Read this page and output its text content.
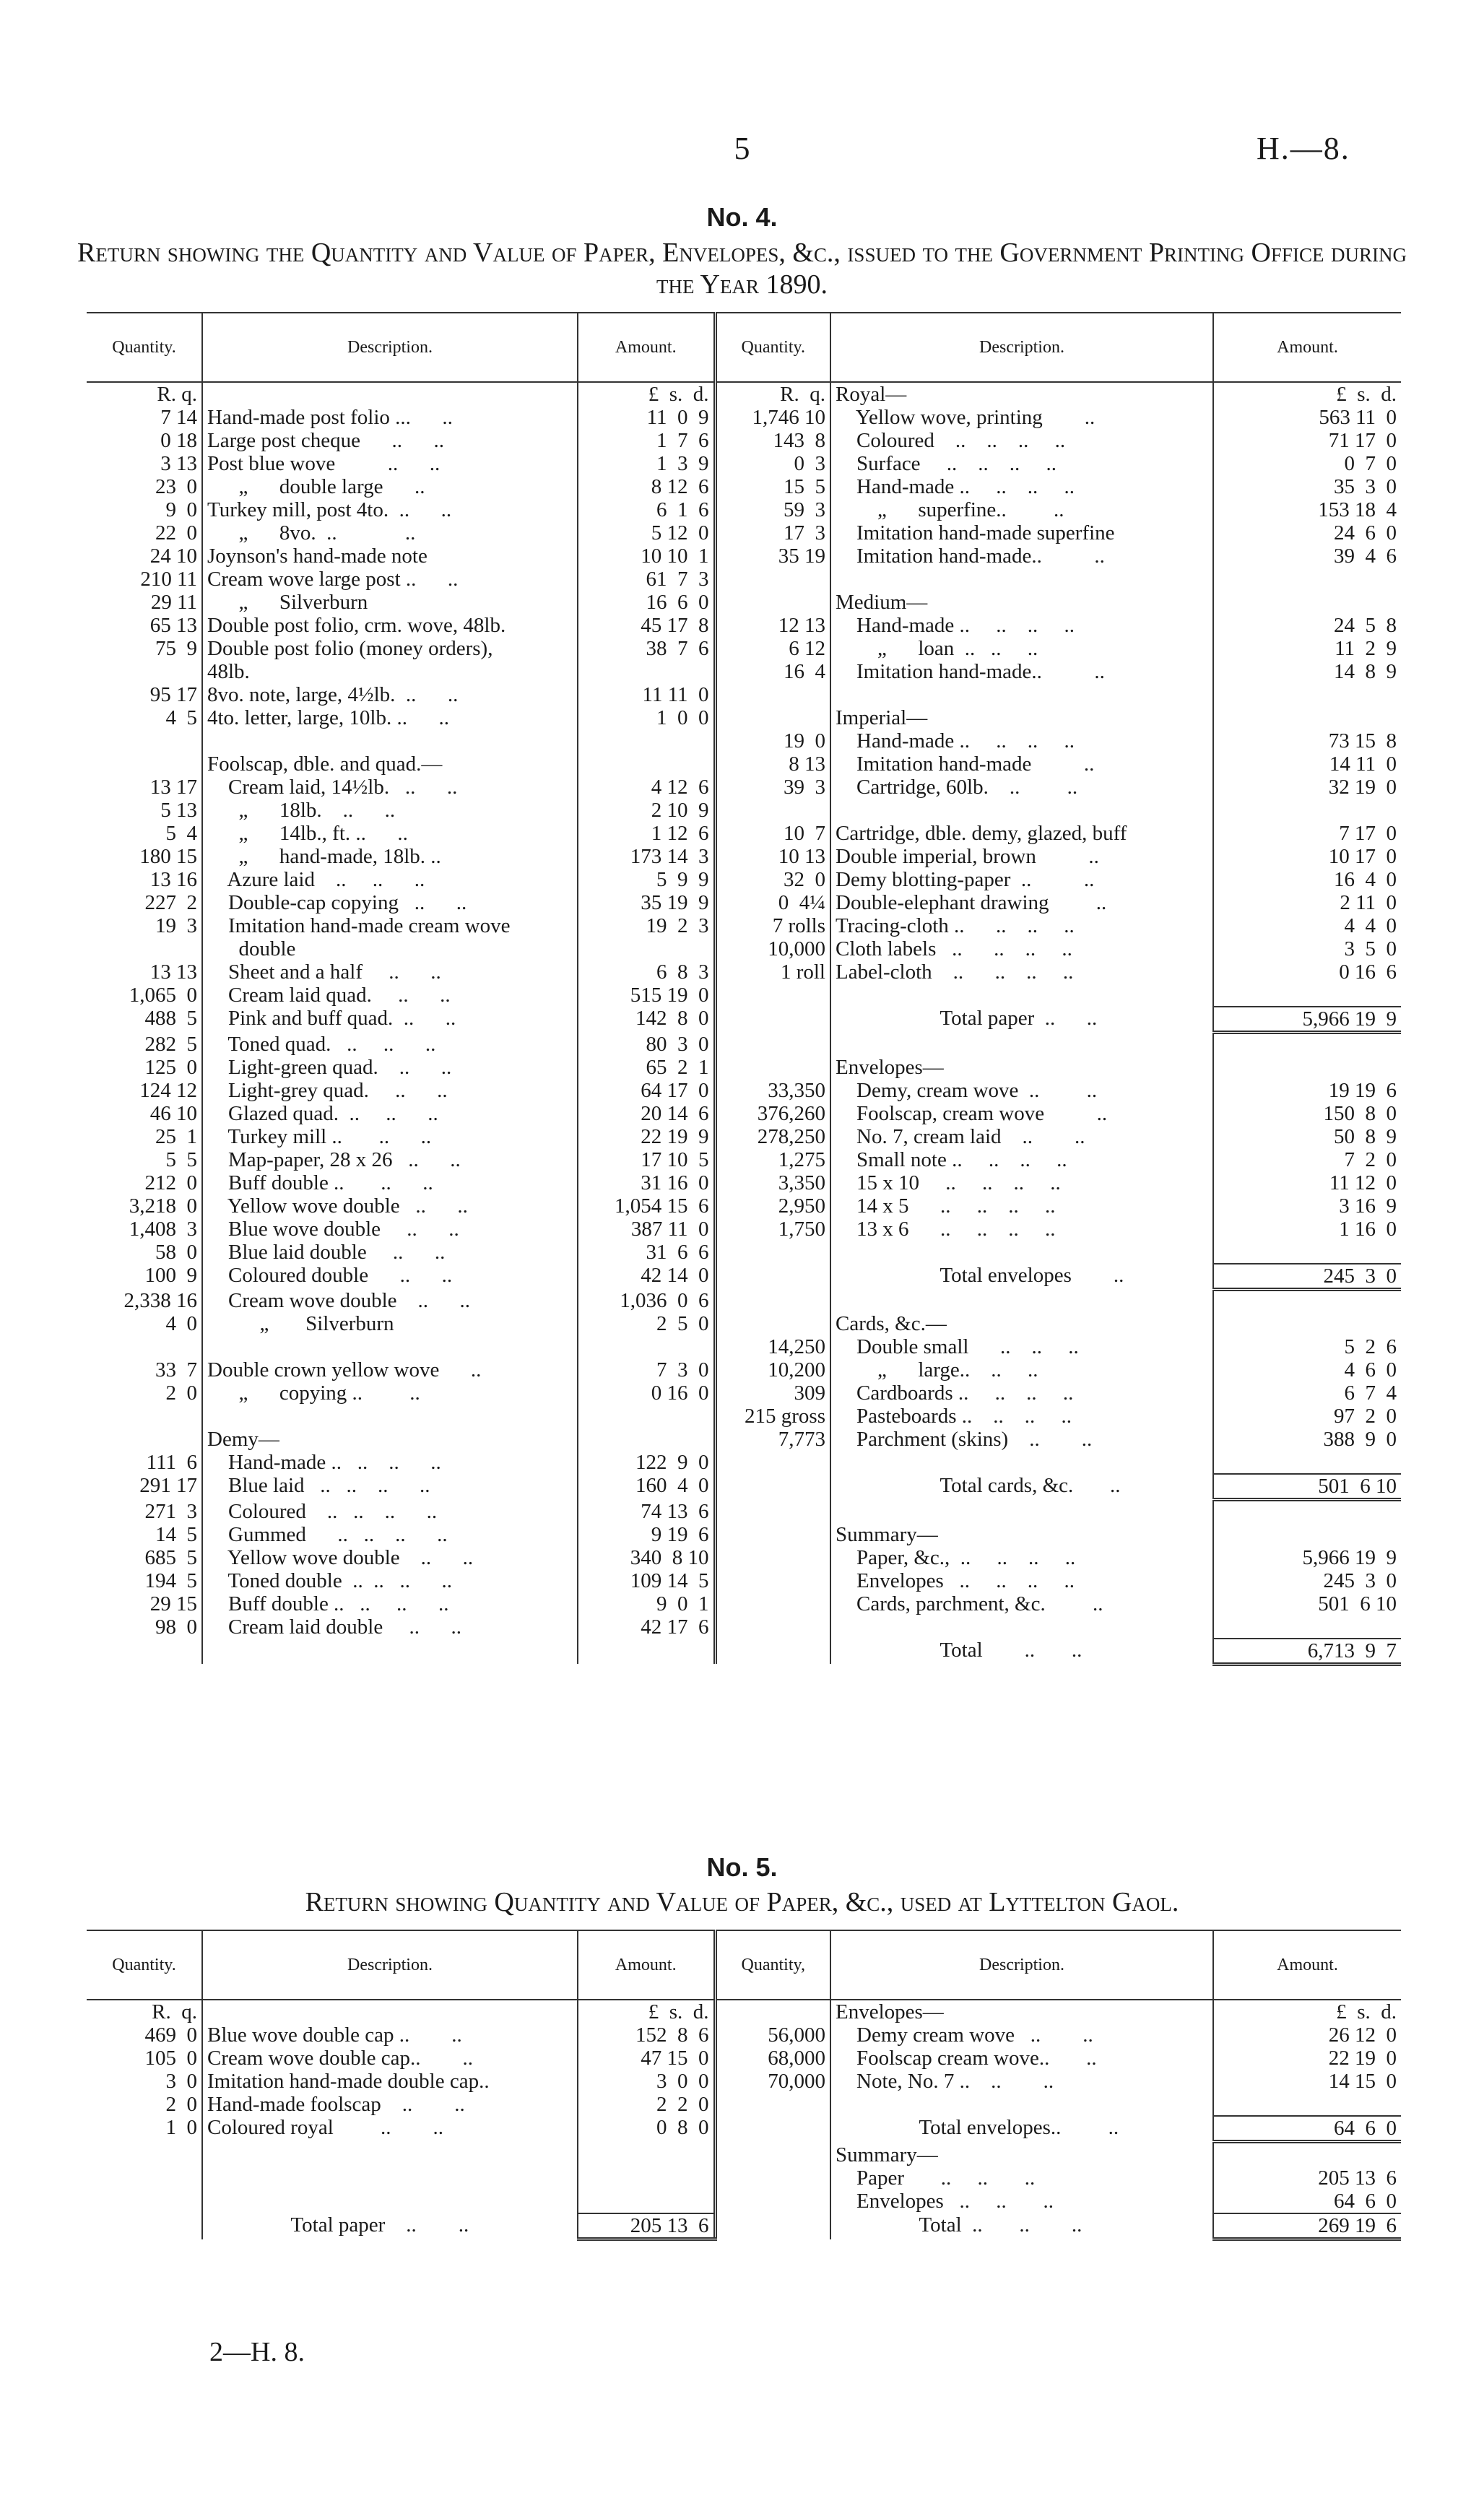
5	H.—8.
No. 4.
Return showing the Quantity and Value of Paper, Envelopes, &c., issued to the Government Printing Office during the Year 1890.
Quantity.	Description.	Amount.	Quantity.	Description.	Amount.
R. q.		£  s.  d.	R.  q.	Royal—	£  s.  d.
7 14	Hand-made post folio ...      ..	11  0  9	1,746 10	Yellow wove, printing        ..	563 11  0
0 18	Large post cheque      ..      ..	1  7  6	143  8	Coloured    ..    ..    ..     ..	71 17  0
3 13	Post blue wove          ..      ..	1  3  9	0  3	Surface     ..    ..    ..     ..	0  7  0
23  0	„      double large      ..	8 12  6	15  5	Hand-made ..     ..    ..     ..	35  3  0
9  0	Turkey mill, post 4to.  ..      ..	6  1  6	59  3	„      superfine..         ..	153 18  4
22  0	„      8vo.  ..             ..	5 12  0	17  3	Imitation hand-made superfine	24  6  0
24 10	Joynson's hand-made note	10 10  1	35 19	Imitation hand-made..          ..	39  4  6
210 11	Cream wove large post ..      ..	61  7  3			
29 11	„      Silverburn	16  6  0		Medium—	
65 13	Double post folio, crm. wove, 48lb.	45 17  8	12 13	Hand-made ..     ..    ..     ..	24  5  8
75  9	Double post folio (money orders),	38  7  6	6 12	„      loan  ..   ..     ..	11  2  9
	48lb.		16  4	Imitation hand-made..          ..	14  8  9
95 17	8vo. note, large, 4½lb.  ..      ..	11 11  0			
4  5	4to. letter, large, 10lb. ..      ..	1  0  0		Imperial—	
			19  0	Hand-made ..     ..    ..     ..	73 15  8
	Foolscap, dble. and quad.—		8 13	Imitation hand-made          ..	14 11  0
13 17	Cream laid, 14½lb.   ..      ..	4 12  6	39  3	Cartridge, 60lb.    ..         ..	32 19  0
5 13	„      18lb.    ..      ..	2 10  9			
5  4	„      14lb., ft. ..      ..	1 12  6	10  7	Cartridge, dble. demy, glazed, buff	7 17  0
180 15	„      hand-made, 18lb. ..	173 14  3	10 13	Double imperial, brown          ..	10 17  0
13 16	Azure laid    ..     ..      ..	5  9  9	32  0	Demy blotting-paper  ..          ..	16  4  0
227  2	Double-cap copying   ..      ..	35 19  9	0  4¼	Double-elephant drawing         ..	2 11  0
19  3	Imitation hand-made cream wove	19  2  3	7 rolls	Tracing-cloth ..      ..    ..     ..	4  4  0
	double		10,000	Cloth labels   ..      ..    ..     ..	3  5  0
13 13	Sheet and a half     ..      ..	6  8  3	1 roll	Label-cloth    ..      ..    ..     ..	0 16  6
1,065  0	Cream laid quad.     ..      ..	515 19  0			
488  5	Pink and buff quad.  ..      ..	142  8  0		Total paper  ..      ..	5,966 19  9
282  5	Toned quad.   ..     ..      ..	80  3  0			
125  0	Light-green quad.    ..      ..	65  2  1		Envelopes—	
124 12	Light-grey quad.     ..      ..	64 17  0	33,350	Demy, cream wove  ..         ..	19 19  6
46 10	Glazed quad.  ..     ..      ..	20 14  6	376,260	Foolscap, cream wove          ..	150  8  0
25  1	Turkey mill ..       ..      ..	22 19  9	278,250	No. 7, cream laid    ..        ..	50  8  9
5  5	Map-paper, 28 x 26   ..      ..	17 10  5	1,275	Small note ..     ..    ..     ..	7  2  0
212  0	Buff double ..       ..      ..	31 16  0	3,350	15 x 10     ..     ..    ..     ..	11 12  0
3,218  0	Yellow wove double   ..      ..	1,054 15  6	2,950	14 x 5      ..     ..    ..     ..	3 16  9
1,408  3	Blue wove double     ..      ..	387 11  0	1,750	13 x 6      ..     ..    ..     ..	1 16  0
58  0	Blue laid double     ..      ..	31  6  6			
100  9	Coloured double      ..      ..	42 14  0		Total envelopes        ..	245  3  0
2,338 16	Cream wove double    ..      ..	1,036  0  6			
4  0	„       Silverburn	2  5  0		Cards, &c.—	
			14,250	Double small      ..    ..     ..	5  2  6
33  7	Double crown yellow wove      ..	7  3  0	10,200	„      large..    ..     ..	4  6  0
2  0	„      copying ..         ..	0 16  0	309	Cardboards ..     ..    ..     ..	6  7  4
			215 gross	Pasteboards ..    ..    ..     ..	97  2  0
	Demy—		7,773	Parchment (skins)    ..        ..	388  9  0
111  6	Hand-made ..   ..    ..      ..	122  9  0			
291 17	Blue laid   ..   ..    ..      ..	160  4  0		Total cards, &c.       ..	501  6 10
271  3	Coloured    ..   ..    ..      ..	74 13  6			
14  5	Gummed      ..   ..    ..      ..	9 19  6		Summary—	
685  5	Yellow wove double    ..      ..	340  8 10		Paper, &c.,  ..     ..    ..     ..	5,966 19  9
194  5	Toned double  ..  ..   ..      ..	109 14  5		Envelopes   ..     ..    ..     ..	245  3  0
29 15	Buff double ..   ..     ..      ..	9  0  1		Cards, parchment, &c.         ..	501  6 10
98  0	Cream laid double     ..      ..	42 17  6			
				Total        ..       ..	6,713  9  7
No. 5.
Return showing Quantity and Value of Paper, &c., used at Lyttelton Gaol.
Quantity.	Description.	Amount.	Quantity,	Description.	Amount.
R.  q.		£  s.  d.		Envelopes—	£  s.  d.
469  0	Blue wove double cap ..        ..	152  8  6	56,000	Demy cream wove   ..        ..	26 12  0
105  0	Cream wove double cap..        ..	47 15  0	68,000	Foolscap cream wove..       ..	22 19  0
3  0	Imitation hand-made double cap..	3  0  0	70,000	Note, No. 7 ..    ..        ..	14 15  0
2  0	Hand-made foolscap    ..        ..	2  2  0			
1  0	Coloured royal         ..        ..	0  8  0		Total envelopes..         ..	64  6  0

				Summary—	
				Paper       ..     ..       ..	205 13  6
				Envelopes   ..     ..       ..	64  6  0
	Total paper    ..        ..	205 13  6		Total  ..       ..        ..	269 19  6
2—H. 8.
